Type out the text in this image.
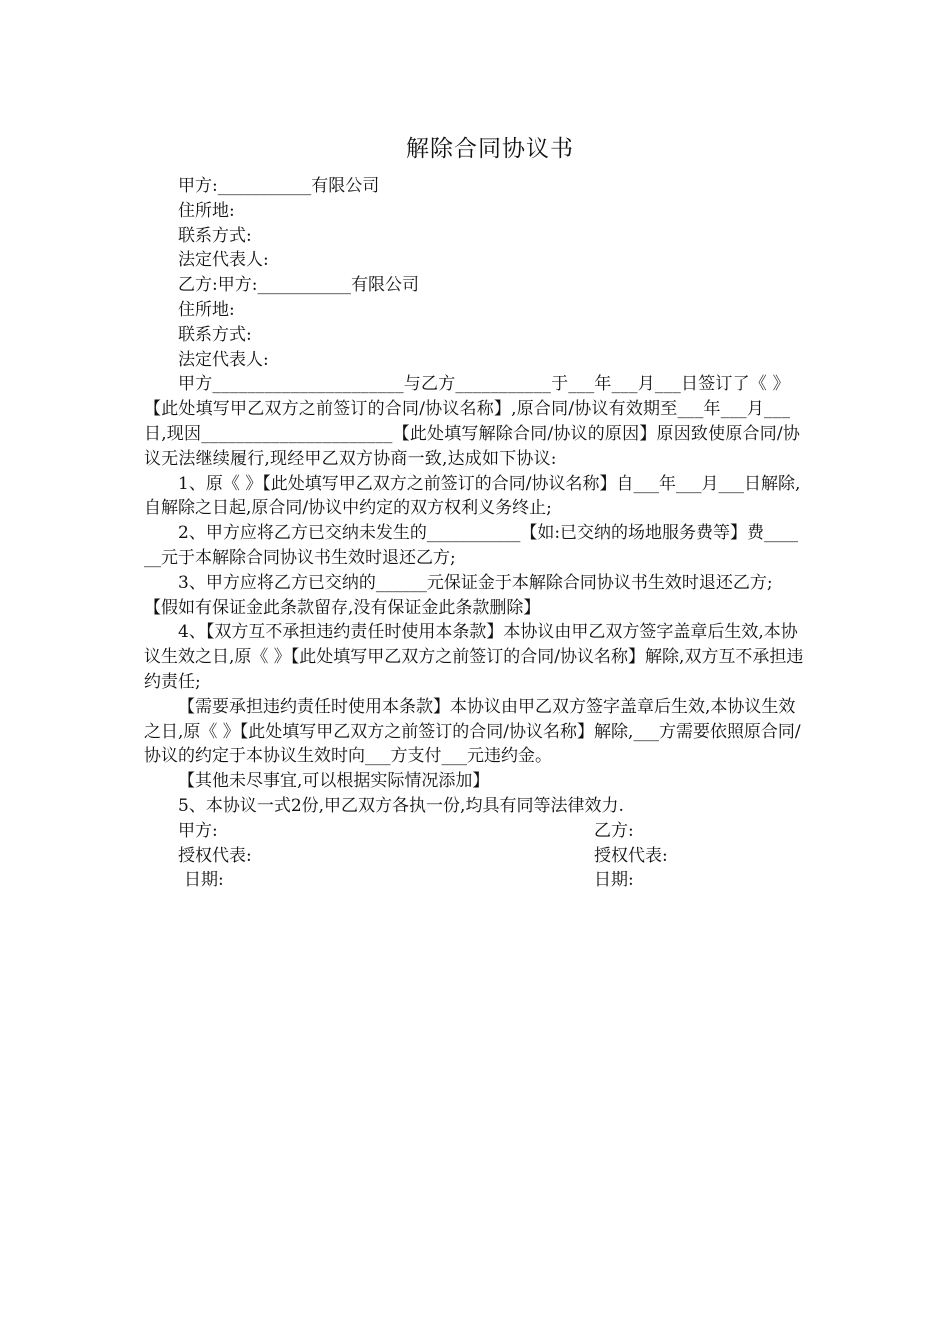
解除合同协议书

甲方:___________有限公司

住所地:

联系方式:

法定代表人:

乙方:甲方:___________有限公司

住所地:

联系方式:

法定代表人:

甲方______________________与乙方___________于___年___月___日签订了《 》【此处填写甲乙双方之前签订的合同/协议名称】,原合同/协议有效期至___年___月___日,现因______________________【此处填写解除合同/协议的原因】原因致使原合同/协议无法继续履行,现经甲乙双方协商一致,达成如下协议:

1、原《 》【此处填写甲乙双方之前签订的合同/协议名称】自___年___月___日解除,自解除之日起,原合同/协议中约定的双方权利义务终止;

2、甲方应将乙方已交纳未发生的___________【如:已交纳的场地服务费等】费______元于本解除合同协议书生效时退还乙方;

3、甲方应将乙方已交纳的______元保证金于本解除合同协议书生效时退还乙方;【假如有保证金此条款留存,没有保证金此条款删除】

4、【双方互不承担违约责任时使用本条款】本协议由甲乙双方签字盖章后生效,本协议生效之日,原《 》【此处填写甲乙双方之前签订的合同/协议名称】解除,双方互不承担违约责任;

【需要承担违约责任时使用本条款】本协议由甲乙双方签字盖章后生效,本协议生效之日,原《 》【此处填写甲乙双方之前签订的合同/协议名称】解除,___方需要依照原合同/协议的约定于本协议生效时向___方支付___元违约金。

【其他未尽事宜,可以根据实际情况添加】

5、本协议一式2份,甲乙双方各执一份,均具有同等法律效力.

甲方:	乙方:
授权代表:	授权代表:
日期:	日期:
